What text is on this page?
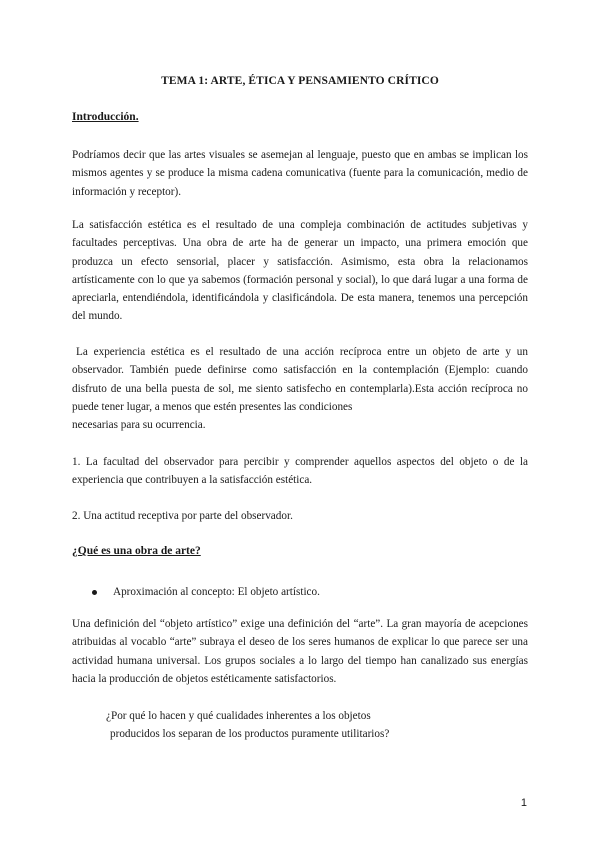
TEMA 1: ARTE, ÉTICA Y PENSAMIENTO CRÍTICO
Introducción.

Podríamos decir que las artes visuales se asemejan al lenguaje, puesto que en ambas se implican los mismos agentes y se produce la misma cadena comunicativa (fuente para la comunicación, medio de información y receptor).

La satisfacción estética es el resultado de una compleja combinación de actitudes subjetivas y facultades perceptivas. Una obra de arte ha de generar un impacto, una primera emoción que produzca un efecto sensorial, placer y satisfacción. Asimismo, esta obra la relacionamos artísticamente con lo que ya sabemos (formación personal y social), lo que dará lugar a una forma de apreciarla, entendiéndola, identificándola y clasificándola. De esta manera, tenemos una percepción del mundo.

La experiencia estética es el resultado de una acción recíproca entre un objeto de arte y un observador. También puede definirse como satisfacción en la contemplación (Ejemplo: cuando disfruto de una bella puesta de sol, me siento satisfecho en contemplarla).Esta acción recíproca no puede tener lugar, a menos que estén presentes las condiciones

necesarias para su ocurrencia.

1. La facultad del observador para percibir y comprender aquellos aspectos del objeto o de la experiencia que contribuyen a la satisfacción estética.

2. Una actitud receptiva por parte del observador.

¿Qué es una obra de arte?
Aproximación al concepto: El objeto artístico.

Una definición del “objeto artístico” exige una definición del “arte”. La gran mayoría de acepciones atribuidas al vocablo “arte” subraya el deseo de los seres humanos de explicar lo que parece ser una actividad humana universal. Los grupos sociales a lo largo del tiempo han canalizado sus energías hacia la producción de objetos estéticamente satisfactorios.

¿Por qué lo hacen y qué cualidades inherentes a los objetos

producidos los separan de los productos puramente utilitarios?

1
